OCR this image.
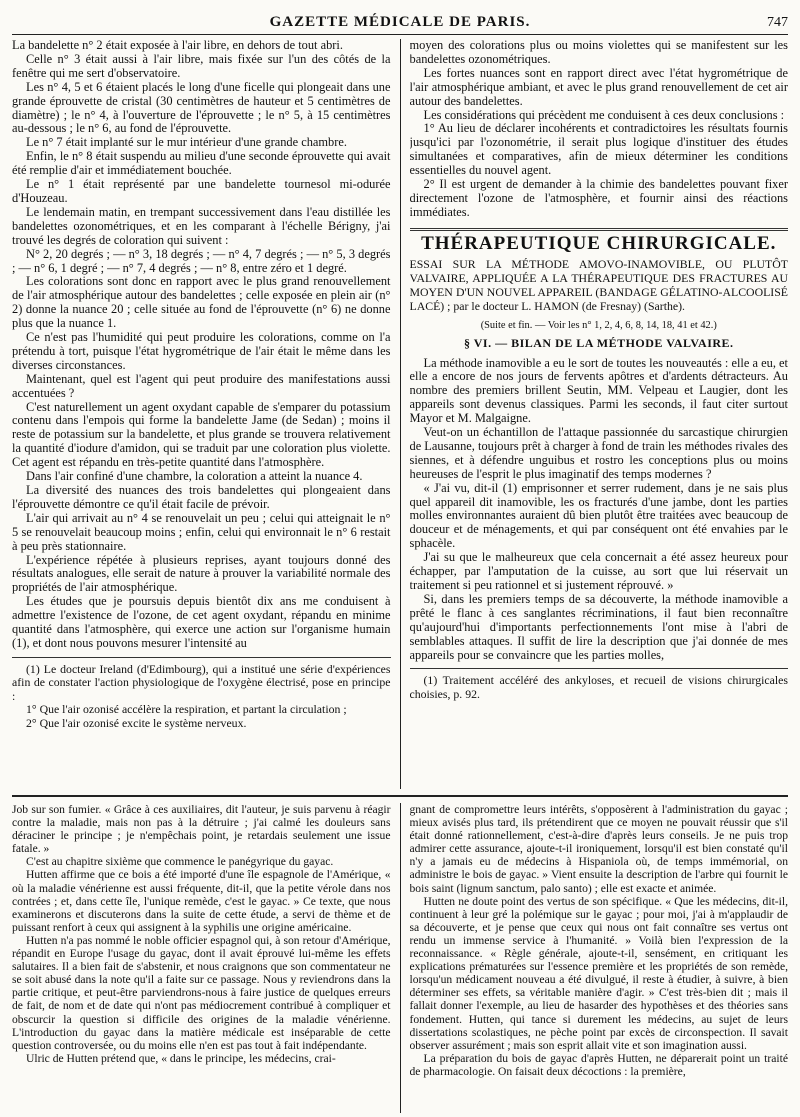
GAZETTE MÉDICALE DE PARIS.	747

La bandelette n° 2 était exposée à l'air libre, en dehors de tout abri.

Celle n° 3 était aussi à l'air libre, mais fixée sur l'un des côtés de la fenêtre qui me sert d'observatoire.

Les n° 4, 5 et 6 étaient placés le long d'une ficelle qui plongeait dans une grande éprouvette de cristal (30 centimètres de hauteur et 5 centimètres de diamètre) ; le n° 4, à l'ouverture de l'éprouvette ; le n° 5, à 15 centimètres au-dessous ; le n° 6, au fond de l'éprouvette.

Le n° 7 était implanté sur le mur intérieur d'une grande chambre.

Enfin, le n° 8 était suspendu au milieu d'une seconde éprouvette qui avait été remplie d'air et immédiatement bouchée.

Le n° 1 était représenté par une bandelette tournesol mi-odurée d'Houzeau.

Le lendemain matin, en trempant successivement dans l'eau distillée les bandelettes ozonométriques, et en les comparant à l'échelle Bérigny, j'ai trouvé les degrés de coloration qui suivent :

N° 2, 20 degrés ; — n° 3, 18 degrés ; — n° 4, 7 degrés ; — n° 5, 3 degrés ; — n° 6, 1 degré ; — n° 7, 4 degrés ; — n° 8, entre zéro et 1 degré.

Les colorations sont donc en rapport avec le plus grand renouvellement de l'air atmosphérique autour des bandelettes ; celle exposée en plein air (n° 2) donne la nuance 20 ; celle située au fond de l'éprouvette (n° 6) ne donne plus que la nuance 1.

Ce n'est pas l'humidité qui peut produire les colorations, comme on l'a prétendu à tort, puisque l'état hygrométrique de l'air était le même dans les diverses circonstances.

Maintenant, quel est l'agent qui peut produire des manifestations aussi accentuées ?

C'est naturellement un agent oxydant capable de s'emparer du potassium contenu dans l'empois qui forme la bandelette Jame (de Sedan) ; moins il reste de potassium sur la bandelette, et plus grande se trouvera relativement la quantité d'iodure d'amidon, qui se traduit par une coloration plus violette. Cet agent est répandu en très-petite quantité dans l'atmosphère.

Dans l'air confiné d'une chambre, la coloration a atteint la nuance 4.

La diversité des nuances des trois bandelettes qui plongeaient dans l'éprouvette démontre ce qu'il était facile de prévoir.

L'air qui arrivait au n° 4 se renouvelait un peu ; celui qui atteignait le n° 5 se renouvelait beaucoup moins ; enfin, celui qui environnait le n° 6 restait à peu près stationnaire.

L'expérience répétée à plusieurs reprises, ayant toujours donné des résultats analogues, elle serait de nature à prouver la variabilité normale des propriétés de l'air atmosphérique.

Les études que je poursuis depuis bientôt dix ans me conduisent à admettre l'existence de l'ozone, de cet agent oxydant, répandu en minime quantité dans l'atmosphère, qui exerce une action sur l'organisme humain (1), et dont nous pouvons mesurer l'intensité au

(1) Le docteur Ireland (d'Edimbourg), qui a institué une série d'expériences afin de constater l'action physiologique de l'oxygène électrisé, pose en principe :

1° Que l'air ozonisé accélère la respiration, et partant la circulation ;

2° Que l'air ozonisé excite le système nerveux.

moyen des colorations plus ou moins violettes qui se manifestent sur les bandelettes ozonométriques.

Les fortes nuances sont en rapport direct avec l'état hygrométrique de l'air atmosphérique ambiant, et avec le plus grand renouvellement de cet air autour des bandelettes.

Les considérations qui précèdent me conduisent à ces deux conclusions :

1° Au lieu de déclarer incohérents et contradictoires les résultats fournis jusqu'ici par l'ozonométrie, il serait plus logique d'instituer des études simultanées et comparatives, afin de mieux déterminer les conditions essentielles du nouvel agent.

2° Il est urgent de demander à la chimie des bandelettes pouvant fixer directement l'ozone de l'atmosphère, et fournir ainsi des réactions immédiates.

THÉRAPEUTIQUE CHIRURGICALE.

ESSAI SUR LA MÉTHODE AMOVO-INAMOVIBLE, OU PLUTÔT VALVAIRE, APPLIQUÉE A LA THÉRAPEUTIQUE DES FRACTURES AU MOYEN D'UN NOUVEL APPAREIL (BANDAGE GÉLATINO-ALCOOLISÉ LACÉ) ; par le docteur L. HAMON (de Fresnay) (Sarthe).

(Suite et fin. — Voir les n° 1, 2, 4, 6, 8, 14, 18, 41 et 42.)
§ VI. — BILAN DE LA MÉTHODE VALVAIRE.

La méthode inamovible a eu le sort de toutes les nouveautés : elle a eu, et elle a encore de nos jours de fervents apôtres et d'ardents détracteurs. Au nombre des premiers brillent Seutin, MM. Velpeau et Laugier, dont les appareils sont devenus classiques. Parmi les seconds, il faut citer surtout Mayor et M. Malgaigne.

Veut-on un échantillon de l'attaque passionnée du sarcastique chirurgien de Lausanne, toujours prêt à charger à fond de train les méthodes rivales des siennes, et à défendre unguibus et rostro les conceptions plus ou moins heureuses de l'esprit le plus imaginatif des temps modernes ?

« J'ai vu, dit-il (1) emprisonner et serrer rudement, dans je ne sais plus quel appareil dit inamovible, les os fracturés d'une jambe, dont les parties molles environnantes auraient dû bien plutôt être traitées avec beaucoup de douceur et de ménagements, et qui par conséquent ont été envahies par le sphacèle.

J'ai su que le malheureux que cela concernait a été assez heureux pour échapper, par l'amputation de la cuisse, au sort que lui réservait un traitement si peu rationnel et si justement réprouvé. »

Si, dans les premiers temps de sa découverte, la méthode inamovible a prêté le flanc à ces sanglantes récriminations, il faut bien reconnaître qu'aujourd'hui d'importants perfectionnements l'ont mise à l'abri de semblables attaques. Il suffit de lire la description que j'ai donnée de mes appareils pour se convaincre que les parties molles,

(1) Traitement accéléré des ankyloses, et recueil de visions chirurgicales choisies, p. 92.

Job sur son fumier. « Grâce à ces auxiliaires, dit l'auteur, je suis parvenu à réagir contre la maladie, mais non pas à la détruire ; j'ai calmé les douleurs sans déraciner le principe ; je n'empêchais point, je retardais seulement une issue fatale. »

C'est au chapitre sixième que commence le panégyrique du gayac.

Hutten affirme que ce bois a été importé d'une île espagnole de l'Amérique, « où la maladie vénérienne est aussi fréquente, dit-il, que la petite vérole dans nos contrées ; et, dans cette île, l'unique remède, c'est le gayac. » Ce texte, que nous examinerons et discuterons dans la suite de cette étude, a servi de thème et de puissant renfort à ceux qui assignent à la syphilis une origine américaine.

Hutten n'a pas nommé le noble officier espagnol qui, à son retour d'Amérique, répandit en Europe l'usage du gayac, dont il avait éprouvé lui-même les effets salutaires. Il a bien fait de s'abstenir, et nous craignons que son commentateur ne se soit abusé dans la note qu'il a faite sur ce passage. Nous y reviendrons dans la partie critique, et peut-être parviendrons-nous à faire justice de quelques erreurs de fait, de nom et de date qui n'ont pas médiocrement contribué à compliquer et obscurcir la question si difficile des origines de la maladie vénérienne. L'introduction du gayac dans la matière médicale est inséparable de cette question controversée, ou du moins elle n'en est pas tout à fait indépendante.

Ulric de Hutten prétend que, « dans le principe, les médecins, crai-

gnant de compromettre leurs intérêts, s'opposèrent à l'administration du gayac ; mieux avisés plus tard, ils prétendirent que ce moyen ne pouvait réussir que s'il était donné rationnellement, c'est-à-dire d'après leurs conseils. Je ne puis trop admirer cette assurance, ajoute-t-il ironiquement, lorsqu'il est bien constaté qu'il n'y a jamais eu de médecins à Hispaniola où, de temps immémorial, on administre le bois de gayac. » Vient ensuite la description de l'arbre qui fournit le bois saint (lignum sanctum, palo santo) ; elle est exacte et animée.

Hutten ne doute point des vertus de son spécifique. « Que les médecins, dit-il, continuent à leur gré la polémique sur le gayac ; pour moi, j'ai à m'applaudir de sa découverte, et je pense que ceux qui nous ont fait connaître ses vertus ont rendu un immense service à l'humanité. » Voilà bien l'expression de la reconnaissance. « Règle générale, ajoute-t-il, sensément, en critiquant les explications prématurées sur l'essence première et les propriétés de son remède, lorsqu'un médicament nouveau a été divulgué, il reste à étudier, à suivre, à bien déterminer ses effets, sa véritable manière d'agir. » C'est très-bien dit ; mais il fallait donner l'exemple, au lieu de hasarder des hypothèses et des théories sans fondement. Hutten, qui tance si durement les médecins, au sujet de leurs dissertations scolastiques, ne pèche point par excès de circonspection. Il savait observer assurément ; mais son esprit allait vite et son imagination aussi.

La préparation du bois de gayac d'après Hutten, ne déparerait point un traité de pharmacologie. On faisait deux décoctions : la première,
